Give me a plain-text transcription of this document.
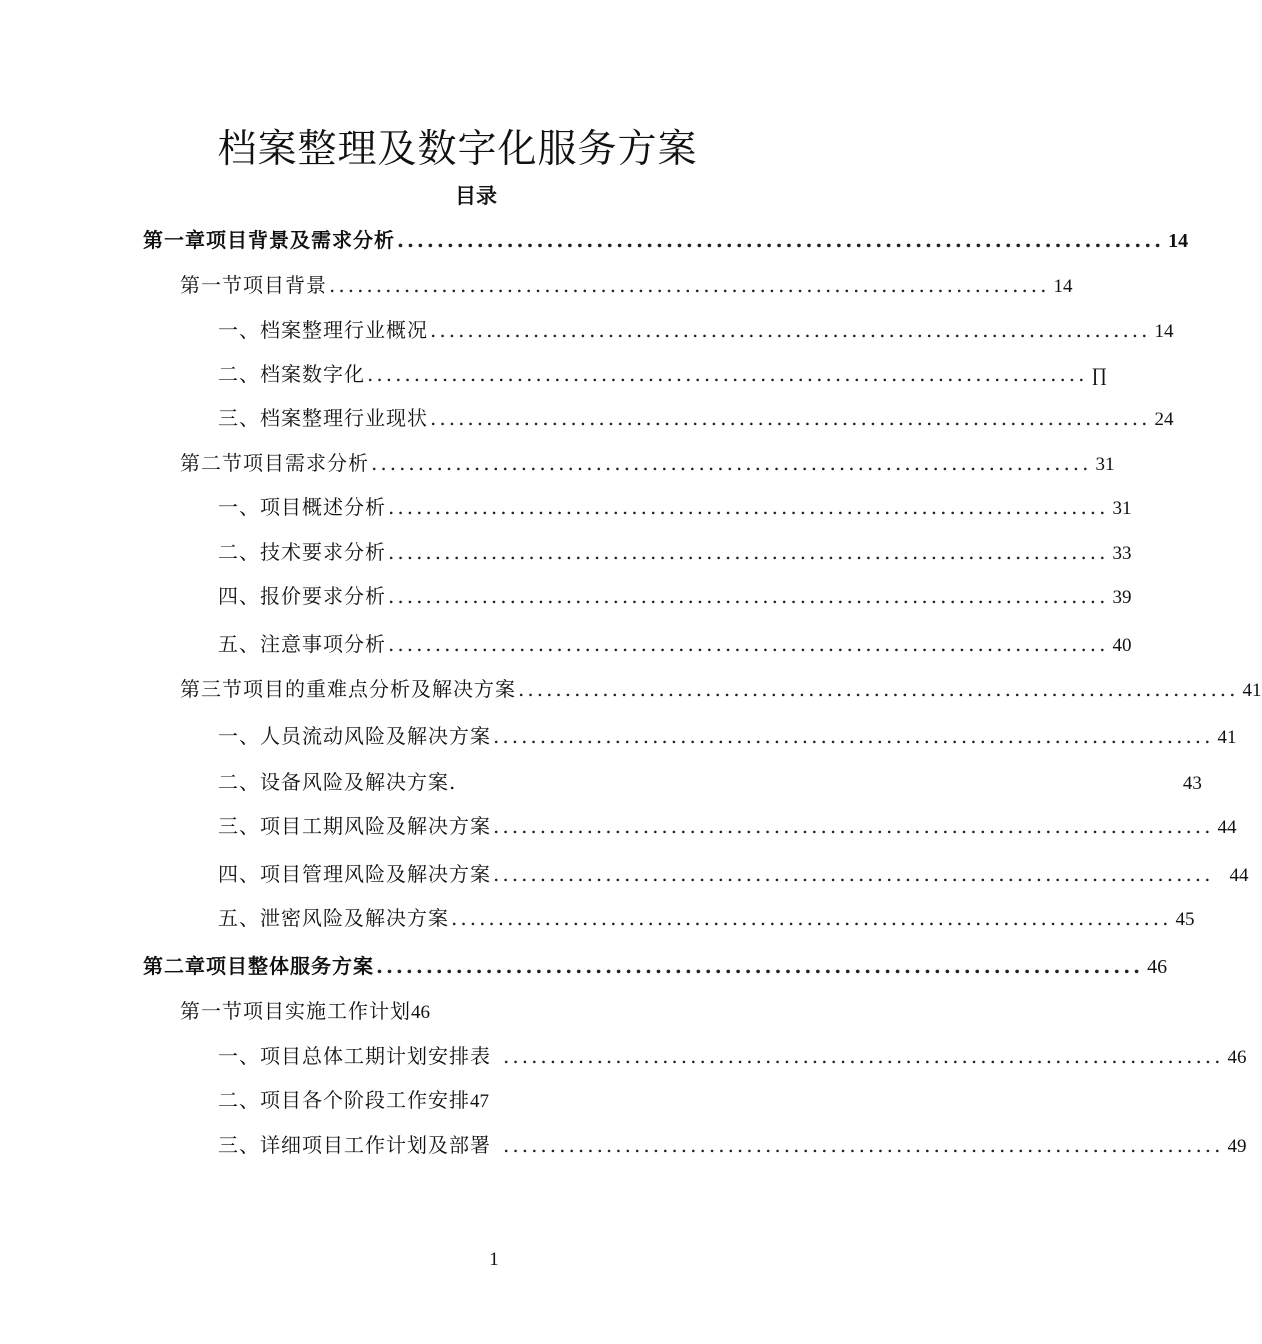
档案整理及数字化服务方案
目录
第一章项目背景及需求分析 ............................................................................. 14
第一节项目背景 ............................................................................. 14
一、档案整理行业概况 ............................................................................. 14
二、档案数字化 ............................................................................. ∏
三、档案整理行业现状 ............................................................................. 24
第二节项目需求分析 ............................................................................. 31
一、项目概述分析 ............................................................................. 31
二、技术要求分析 ............................................................................. 33
四、报价要求分析 ............................................................................. 39
五、注意事项分析 ............................................................................. 40
第三节项目的重难点分析及解决方案 ............................................................................. 41
一、人员流动风险及解决方案 ............................................................................. 41
二、设备风险及解决方案.	43
三、项目工期风险及解决方案 ............................................................................. 44
四、项目管理风险及解决方案 ............................................................................. 44
五、泄密风险及解决方案 ............................................................................. 45
第二章项目整体服务方案 ............................................................................. 46
第一节项目实施工作计划46
一、项目总体工期计划安排表 ............................................................................. 46
二、项目各个阶段工作安排47
三、详细项目工作计划及部署 ............................................................................. 49
1
